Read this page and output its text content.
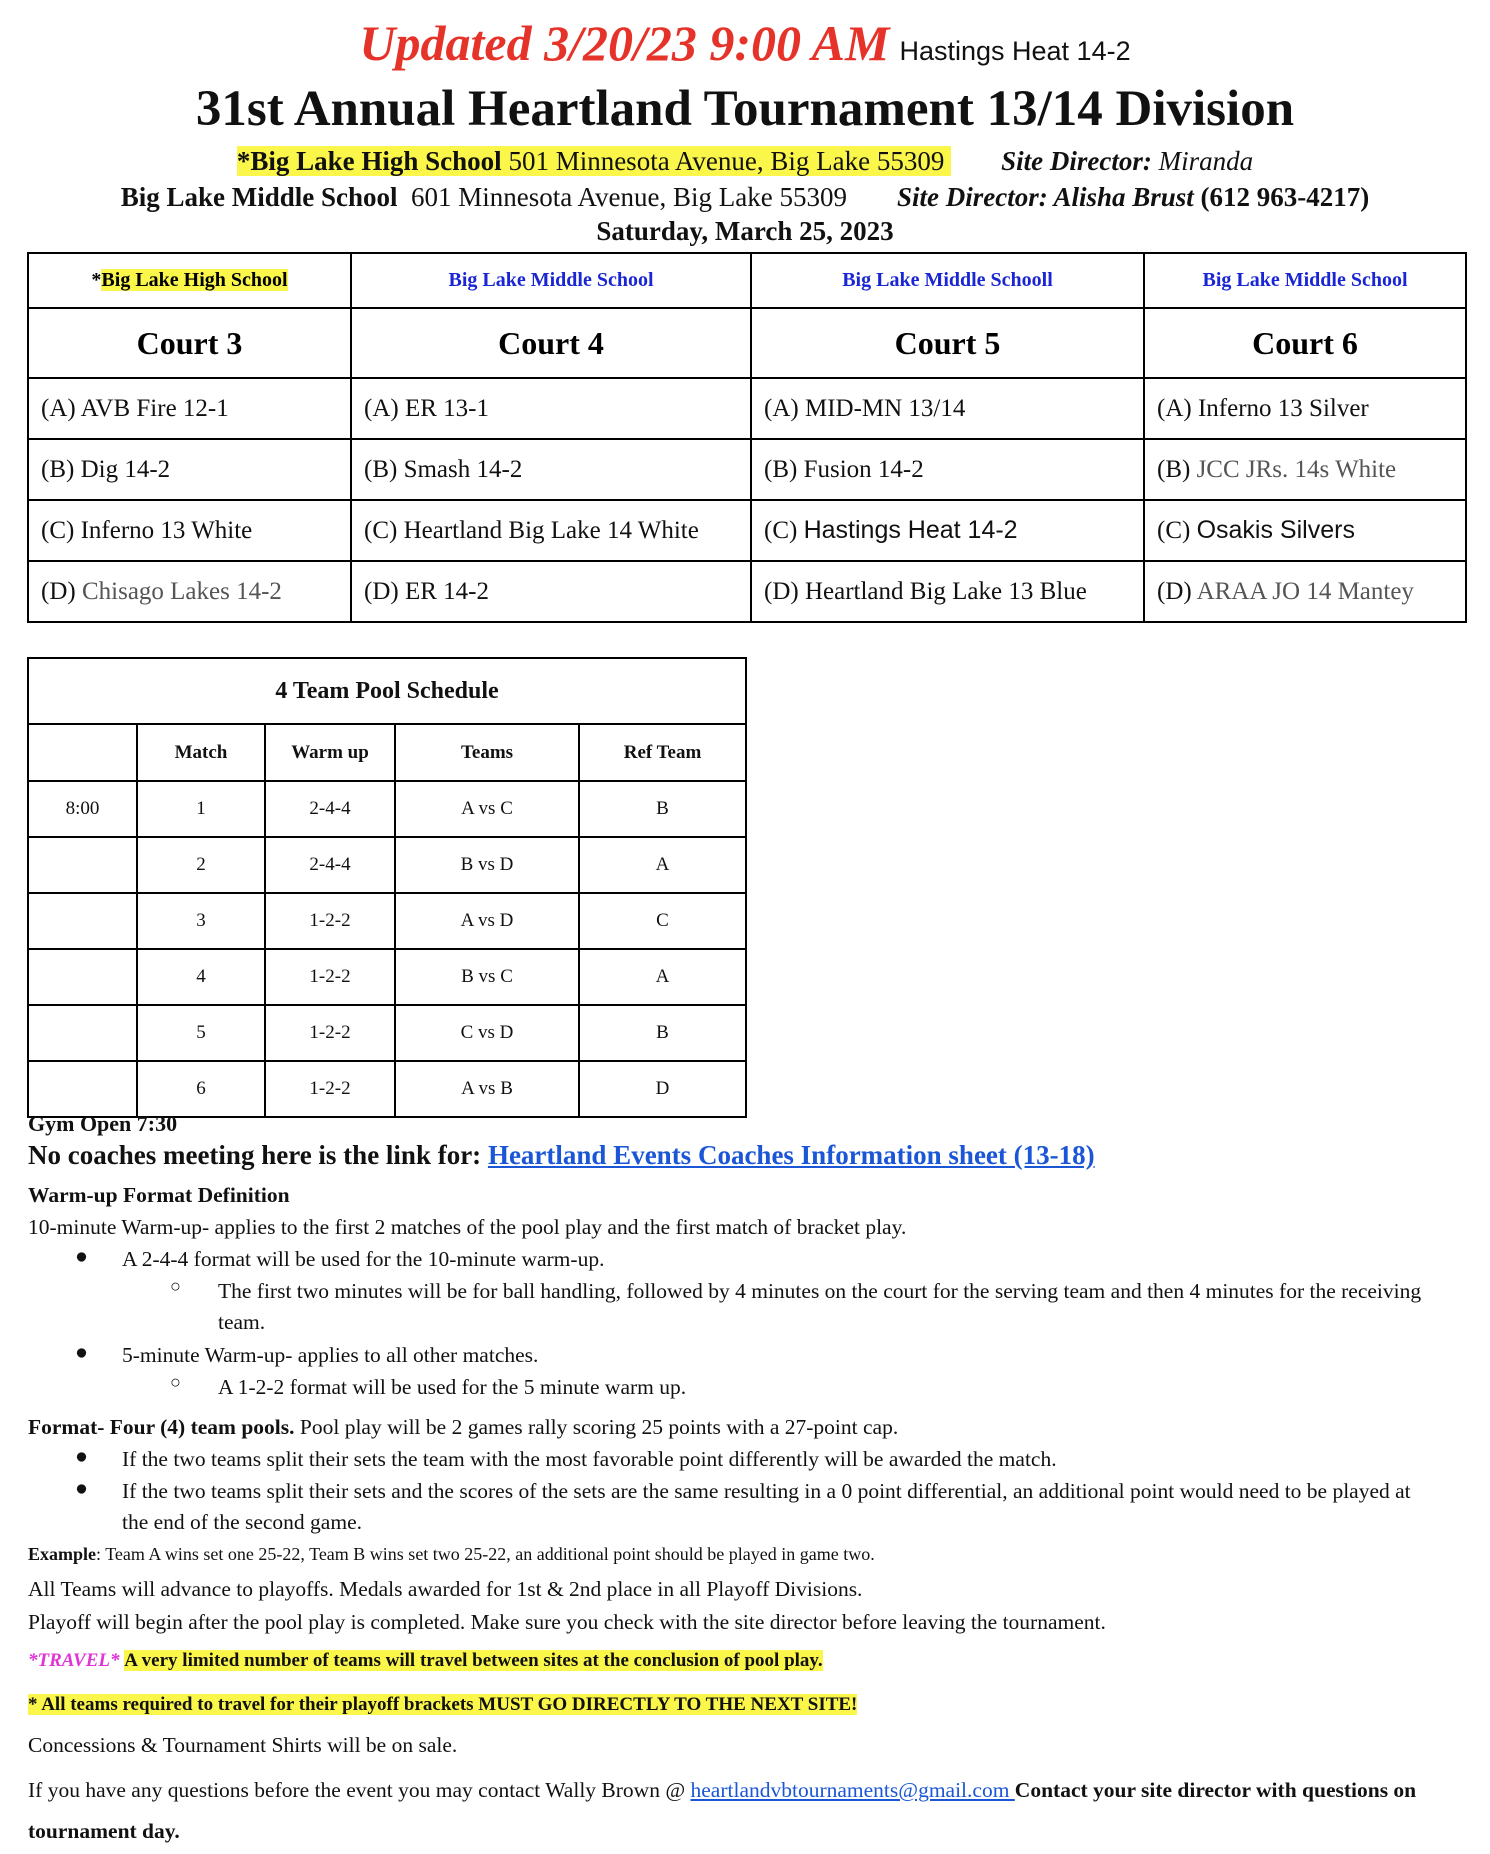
Updated 3/20/23 9:00 AM Hastings Heat 14-2
31st Annual Heartland Tournament 13/14 Division
*Big Lake High School 501 Minnesota Avenue, Big Lake 55309 Site Director: Miranda
Big Lake Middle School 601 Minnesota Avenue, Big Lake 55309 Site Director: Alisha Brust (612 963-4217)
Saturday, March 25, 2023
*Big Lake High School	Big Lake Middle School	Big Lake Middle Schooll	Big Lake Middle School
Court 3	Court 4	Court 5	Court 6
(A) AVB Fire 12-1	(A) ER 13-1	(A) MID-MN 13/14	(A) Inferno 13 Silver
(B) Dig 14-2	(B) Smash 14-2	(B) Fusion 14-2	(B) JCC JRs. 14s White
(C) Inferno 13 White	(C) Heartland Big Lake 14 White	(C) Hastings Heat 14-2	(C) Osakis Silvers
(D) Chisago Lakes 14-2	(D) ER 14-2	(D) Heartland Big Lake 13 Blue	(D) ARAA JO 14 Mantey
4 Team Pool Schedule				
	Match	Warm up	Teams	Ref Team
8:00	1	2-4-4	A vs C	B
	2	2-4-4	B vs D	A
	3	1-2-2	A vs D	C
	4	1-2-2	B vs C	A
	5	1-2-2	C vs D	B
	6	1-2-2	A vs B	D
Gym Open 7:30
No coaches meeting here is the link for: Heartland Events Coaches Information sheet (13-18)
Warm-up Format Definition
10-minute Warm-up- applies to the first 2 matches of the pool play and the first match of bracket play.
● A 2-4-4 format will be used for the 10-minute warm-up.
○ The first two minutes will be for ball handling, followed by 4 minutes on the court for the serving team and then 4 minutes for the receiving team.
● 5-minute Warm-up- applies to all other matches.
○ A 1-2-2 format will be used for the 5 minute warm up.
Format- Four (4) team pools. Pool play will be 2 games rally scoring 25 points with a 27-point cap.
● If the two teams split their sets the team with the most favorable point differently will be awarded the match.
● If the two teams split their sets and the scores of the sets are the same resulting in a 0 point differential, an additional point would need to be played at the end of the second game.
Example: Team A wins set one 25-22, Team B wins set two 25-22, an additional point should be played in game two.
All Teams will advance to playoffs. Medals awarded for 1st & 2nd place in all Playoff Divisions.
Playoff will begin after the pool play is completed. Make sure you check with the site director before leaving the tournament.
*TRAVEL* A very limited number of teams will travel between sites at the conclusion of pool play.
* All teams required to travel for their playoff brackets MUST GO DIRECTLY TO THE NEXT SITE!
Concessions & Tournament Shirts will be on sale.
If you have any questions before the event you may contact Wally Brown @ heartlandvbtournaments@gmail.com Contact your site director with questions on tournament day.
